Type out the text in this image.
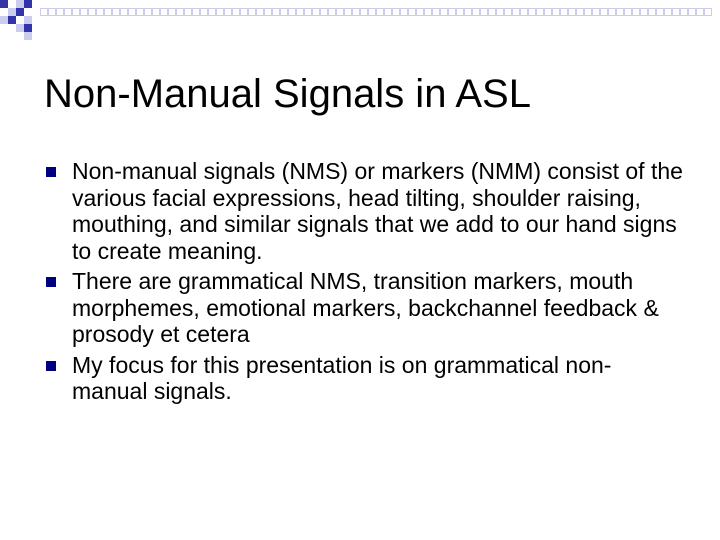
Non-Manual Signals in ASL
Non-manual signals (NMS) or markers (NMM) consist of the various facial expressions, head tilting, shoulder raising, mouthing, and similar signals that we add to our hand signs to create meaning.
There are grammatical NMS, transition markers, mouth morphemes, emotional markers, backchannel feedback & prosody et cetera
My focus for this presentation is on grammatical non-manual signals.
